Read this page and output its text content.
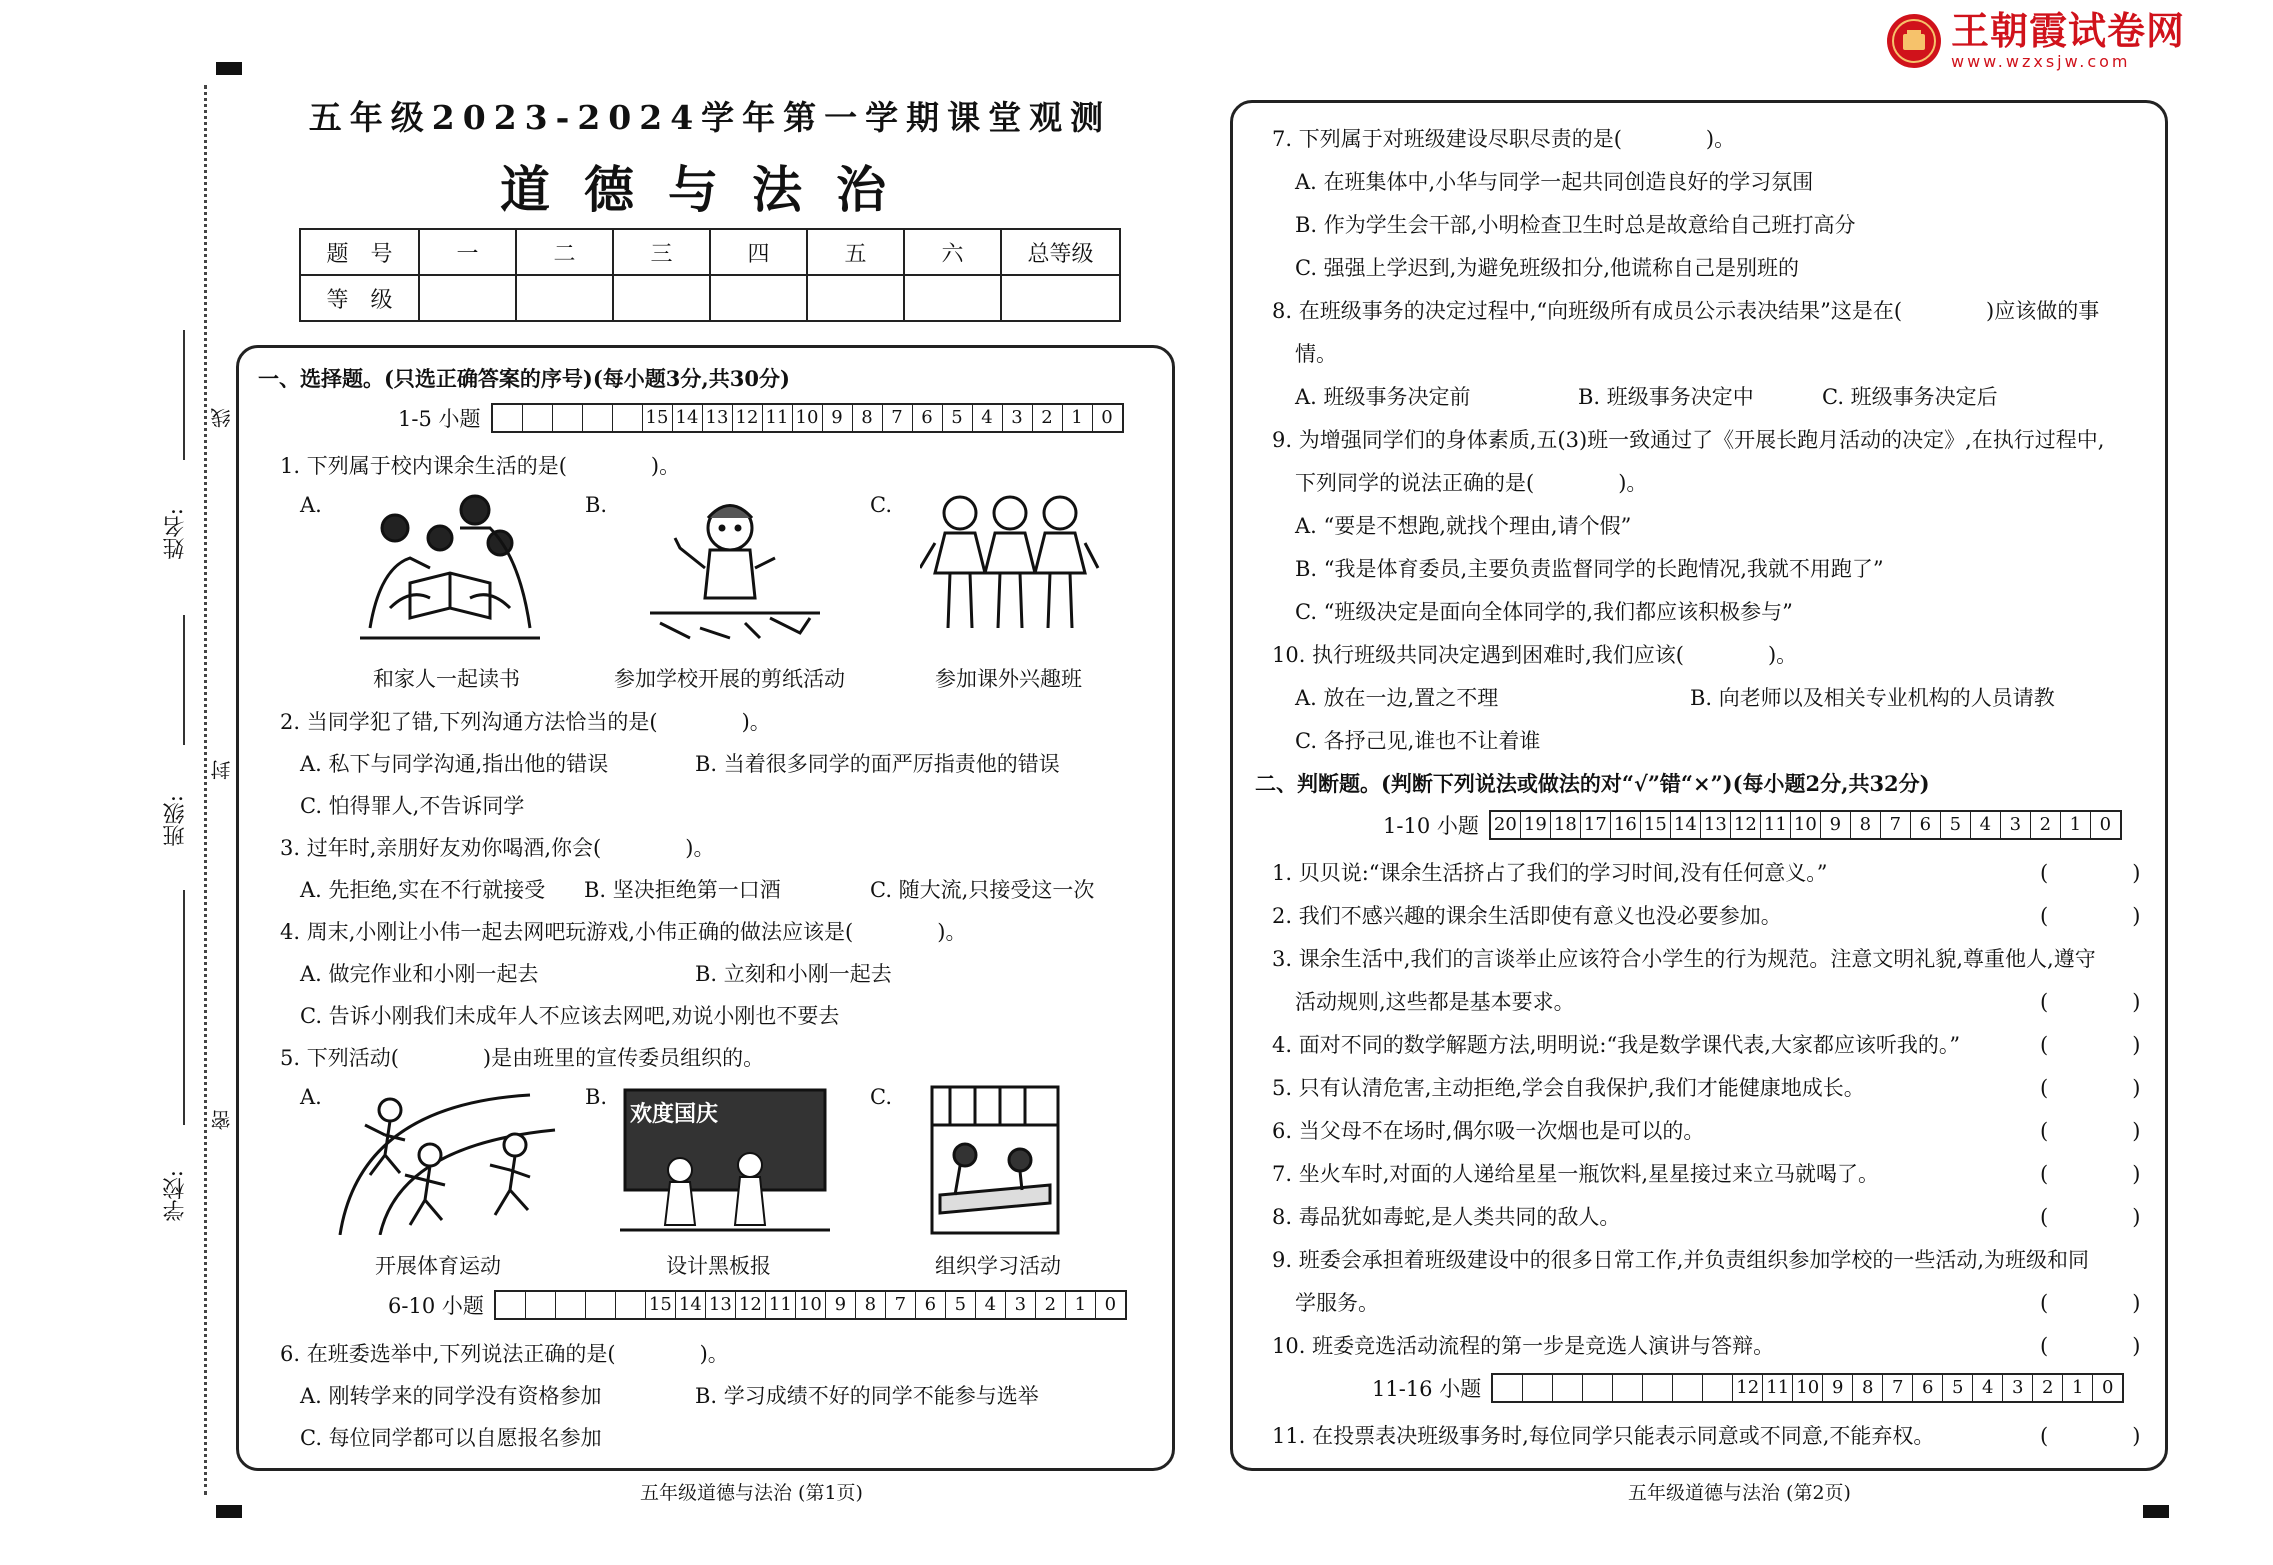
王朝霞试卷网
www.wzxsjw.com
姓名:
班级:
学校:
线
封
密
五年级2023-2024学年第一学期课堂观测
道德与法治
题　号	一	二	三	四	五	六	总等级
等　级							
一、选择题。(只选正确答案的序号)(每小题3分,共30分)
1-5 小题	15 14 13 12 11 10 9	8	7	6	5	4	3	2	1	0
1. 下列属于校内课余生活的是(　　　　)。
A.	B.	C.
和家人一起读书	参加学校开展的剪纸活动	参加课外兴趣班
2. 当同学犯了错,下列沟通方法恰当的是(　　　　)。
A. 私下与同学沟通,指出他的错误	B. 当着很多同学的面严厉指责他的错误
C. 怕得罪人,不告诉同学
3. 过年时,亲朋好友劝你喝酒,你会(　　　　)。
A. 先拒绝,实在不行就接受 B. 坚决拒绝第一口酒	C. 随大流,只接受这一次
4. 周末,小刚让小伟一起去网吧玩游戏,小伟正确的做法应该是(　　　　)。
A. 做完作业和小刚一起去	B. 立刻和小刚一起去
C. 告诉小刚我们未成年人不应该去网吧,劝说小刚也不要去
5. 下列活动(　　　　)是由班里的宣传委员组织的。
A.	B.	C.
欢度国庆
开展体育运动	设计黑板报	组织学习活动
6-10 小题	15 14 13 12 11 10 9	8	7	6	5	4	3	2	1	0
6. 在班委选举中,下列说法正确的是(　　　　)。
A. 刚转学来的同学没有资格参加	B. 学习成绩不好的同学不能参与选举
C. 每位同学都可以自愿报名参加
五年级道德与法治 (第1页)
7. 下列属于对班级建设尽职尽责的是(　　　　)。
A. 在班集体中,小华与同学一起共同创造良好的学习氛围
B. 作为学生会干部,小明检查卫生时总是故意给自己班打高分
C. 强强上学迟到,为避免班级扣分,他谎称自己是别班的
8. 在班级事务的决定过程中,“向班级所有成员公示表决结果”这是在(　　　　)应该做的事
情。
A. 班级事务决定前	B. 班级事务决定中	C. 班级事务决定后
9. 为增强同学们的身体素质,五(3)班一致通过了《开展长跑月活动的决定》,在执行过程中,
下列同学的说法正确的是(　　　　)。
A. “要是不想跑,就找个理由,请个假”
B. “我是体育委员,主要负责监督同学的长跑情况,我就不用跑了”
C. “班级决定是面向全体同学的,我们都应该积极参与”
10. 执行班级共同决定遇到困难时,我们应该(　　　　)。
A. 放在一边,置之不理	B. 向老师以及相关专业机构的人员请教
C. 各抒己见,谁也不让着谁
二、判断题。(判断下列说法或做法的对“√”错“×”)(每小题2分,共32分)
1-10 小题 20 19 18 17 16 15 14 13 12 11 10 9	8	7	6	5	4	3	2	1	0
1. 贝贝说:“课余生活挤占了我们的学习时间,没有任何意义。”	(　　　　)
2. 我们不感兴趣的课余生活即使有意义也没必要参加。	(　　　　)
3. 课余生活中,我们的言谈举止应该符合小学生的行为规范。注意文明礼貌,尊重他人,遵守
活动规则,这些都是基本要求。	(　　　　)
4. 面对不同的数学解题方法,明明说:“我是数学课代表,大家都应该听我的。”	(　　　　)
5. 只有认清危害,主动拒绝,学会自我保护,我们才能健康地成长。	(　　　　)
6. 当父母不在场时,偶尔吸一次烟也是可以的。	(　　　　)
7. 坐火车时,对面的人递给星星一瓶饮料,星星接过来立马就喝了。	(　　　　)
8. 毒品犹如毒蛇,是人类共同的敌人。	(　　　　)
9. 班委会承担着班级建设中的很多日常工作,并负责组织参加学校的一些活动,为班级和同
学服务。	(　　　　)
10. 班委竞选活动流程的第一步是竞选人演讲与答辩。	(　　　　)
11-16 小题	12 11 10 9	8	7	6	5	4	3	2	1	0
11. 在投票表决班级事务时,每位同学只能表示同意或不同意,不能弃权。	(　　　　)
五年级道德与法治 (第2页)
